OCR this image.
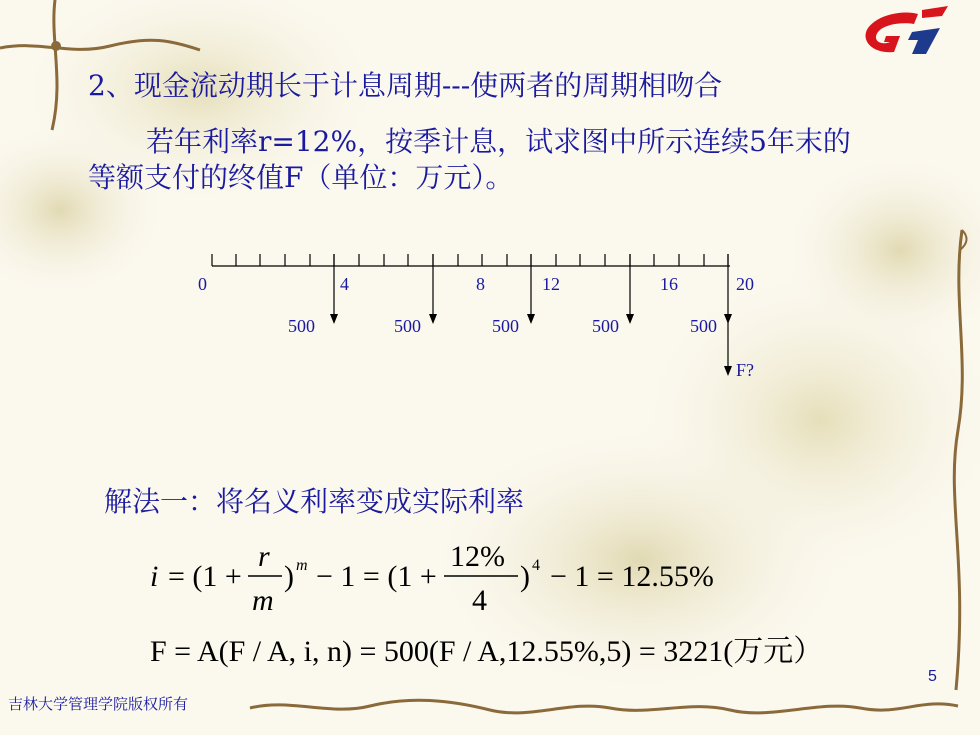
2、现金流动期长于计息周期---使两者的周期相吻合
若年利率r=12%，按季计息，试求图中所示连续5年末的
等额支付的终值F（单位：万元）。
0	4	8	12	16	20
500	500	500	500	500
F?
解法一：将名义利率变成实际利率
i = (1 +
r
m
) m − 1 = (1 +
12%
4
) 4 − 1 = 12.55%
F = A(F / A, i, n) = 500(F / A,12.55%,5) = 3221(万元）
5
吉林大学管理学院版权所有
